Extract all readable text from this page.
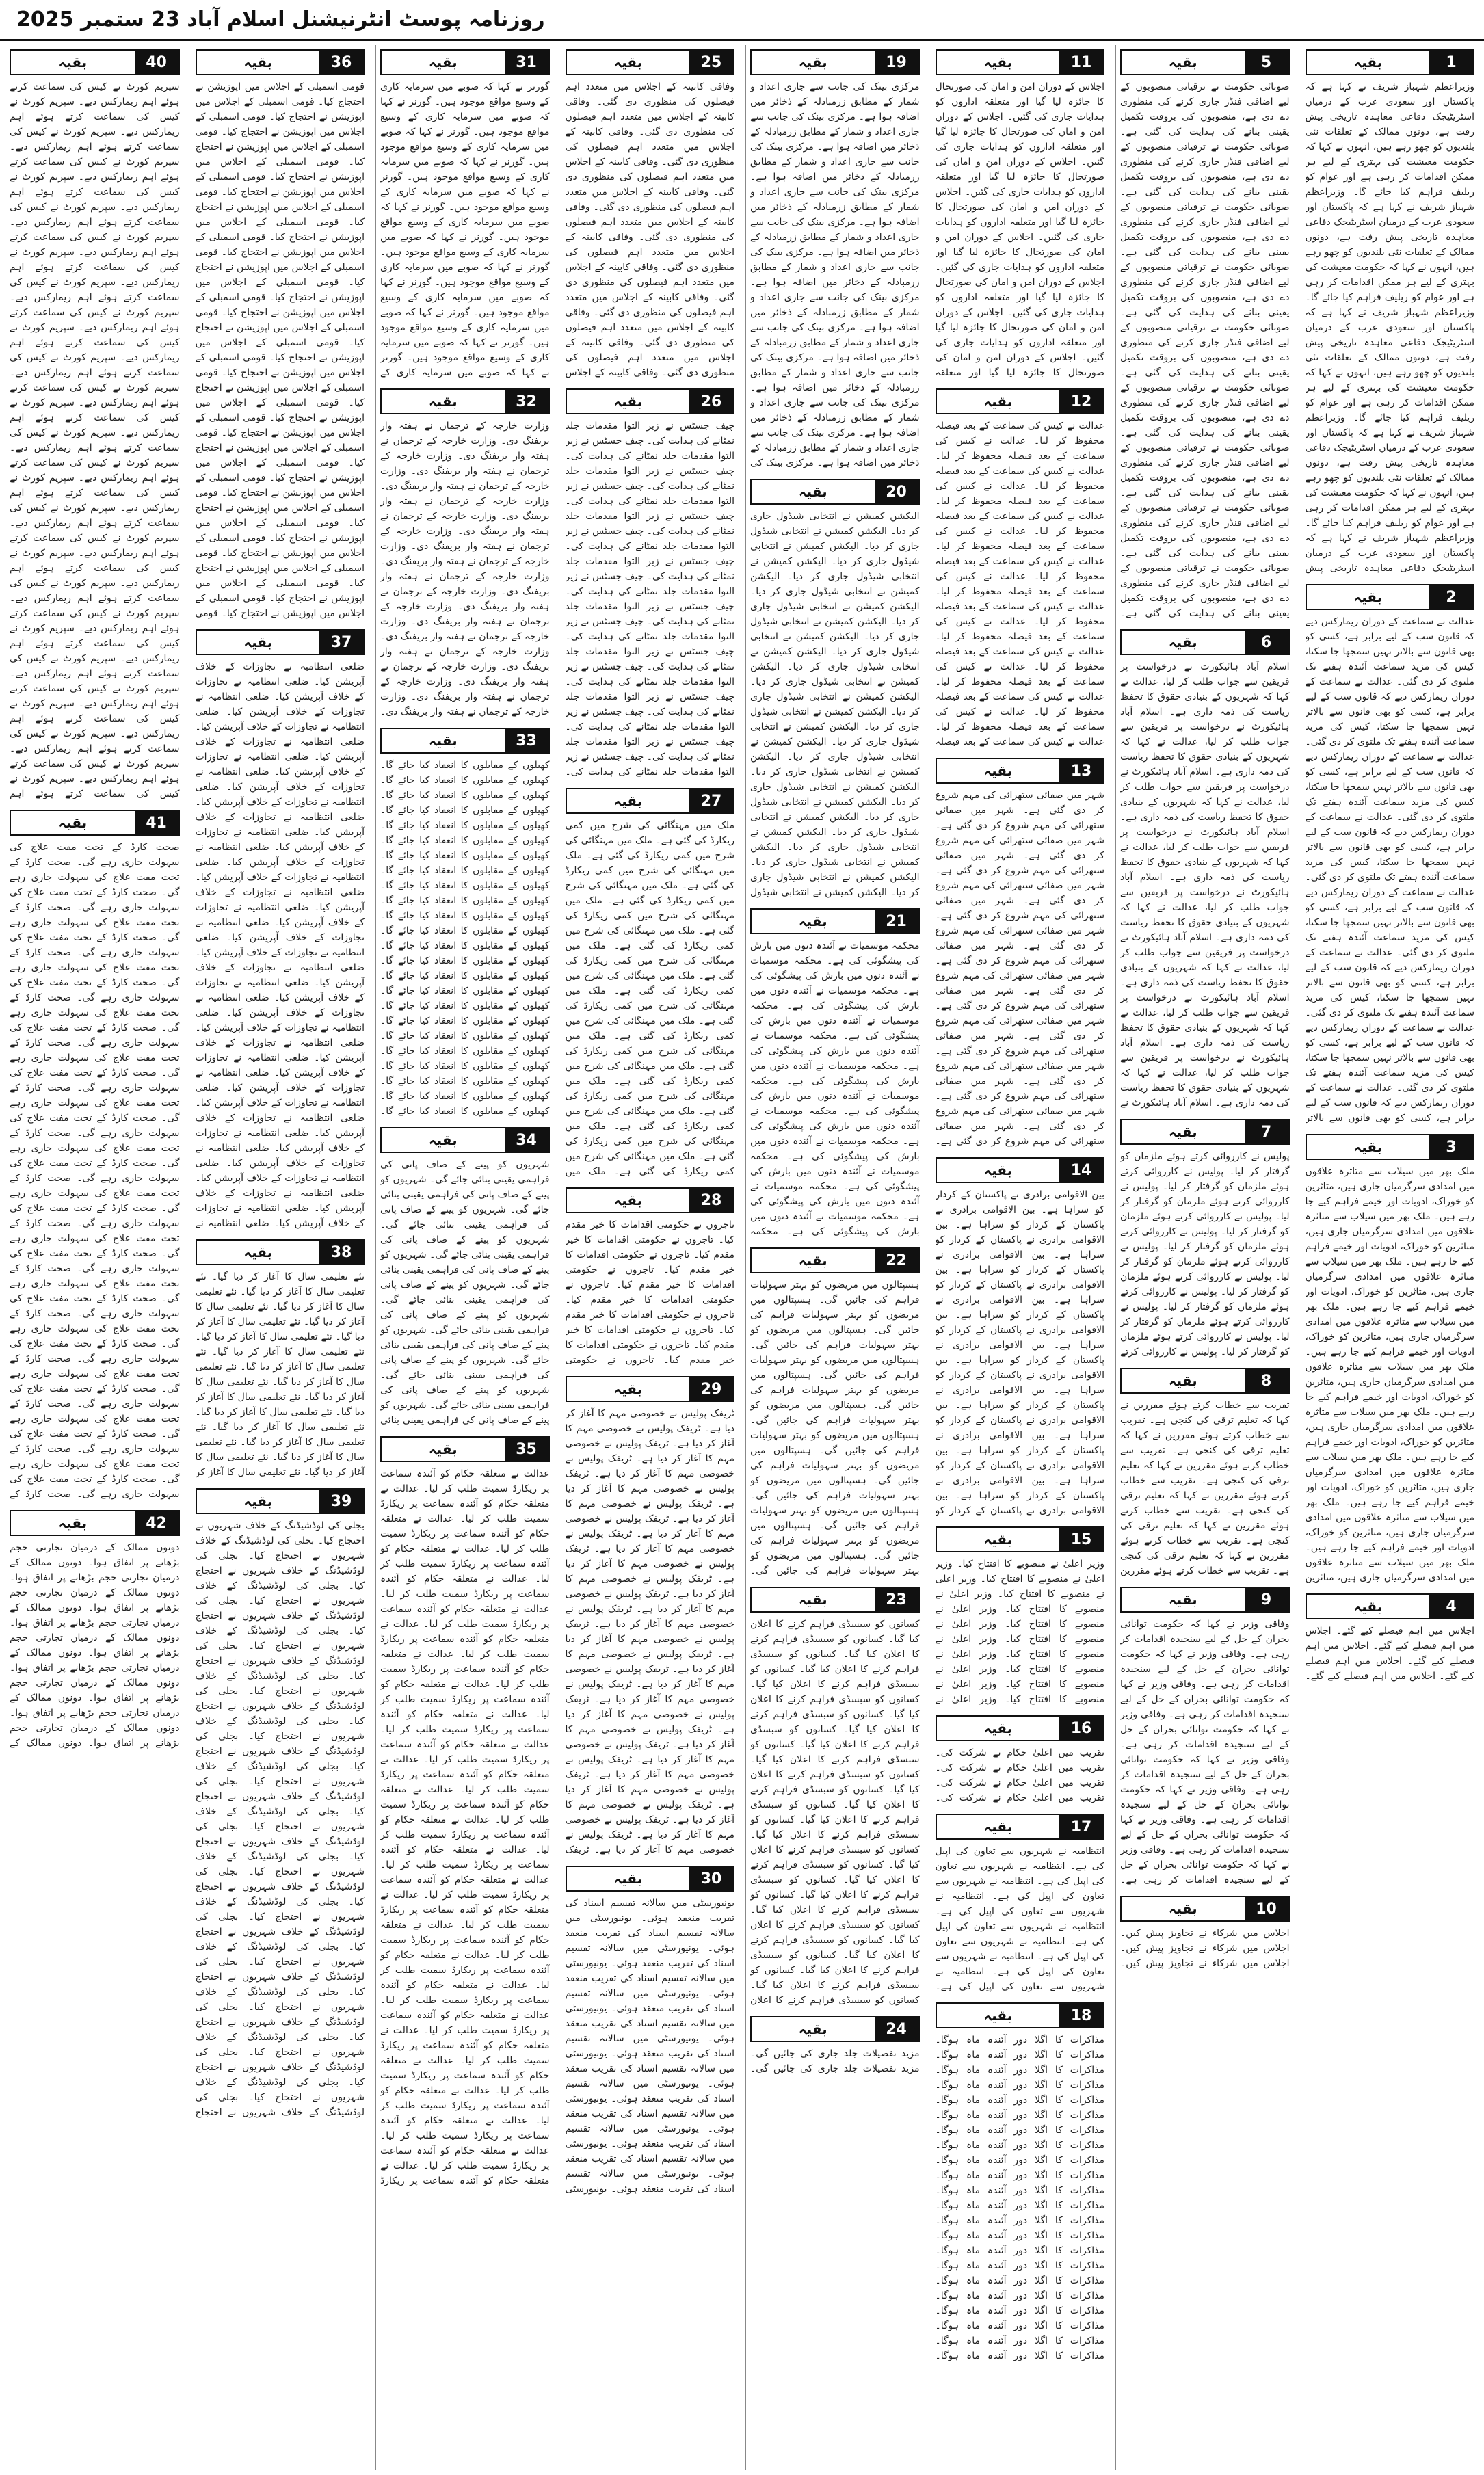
روزنامہ پوسٹ انٹرنیشنل اسلام آباد 23 ستمبر 2025
1
بقیہ
وزیراعظم شہباز شریف نے کہا ہے کہ پاکستان اور سعودی عرب کے درمیان اسٹریٹیجک دفاعی معاہدہ تاریخی پیش رفت ہے، دونوں ممالک کے تعلقات نئی بلندیوں کو چھو رہے ہیں، انہوں نے کہا کہ حکومت معیشت کی بہتری کے لیے ہر ممکن اقدامات کر رہی ہے اور عوام کو ریلیف فراہم کیا جائے گا۔ وزیراعظم شہباز شریف نے کہا ہے کہ پاکستان اور سعودی عرب کے درمیان اسٹریٹیجک دفاعی معاہدہ تاریخی پیش رفت ہے، دونوں ممالک کے تعلقات نئی بلندیوں کو چھو رہے ہیں، انہوں نے کہا کہ حکومت معیشت کی بہتری کے لیے ہر ممکن اقدامات کر رہی ہے اور عوام کو ریلیف فراہم کیا جائے گا۔ وزیراعظم شہباز شریف نے کہا ہے کہ پاکستان اور سعودی عرب کے درمیان اسٹریٹیجک دفاعی معاہدہ تاریخی پیش رفت ہے، دونوں ممالک کے تعلقات نئی بلندیوں کو چھو رہے ہیں، انہوں نے کہا کہ حکومت معیشت کی بہتری کے لیے ہر ممکن اقدامات کر رہی ہے اور عوام کو ریلیف فراہم کیا جائے گا۔ وزیراعظم شہباز شریف نے کہا ہے کہ پاکستان اور سعودی عرب کے درمیان اسٹریٹیجک دفاعی معاہدہ تاریخی پیش رفت ہے، دونوں ممالک کے تعلقات نئی بلندیوں کو چھو رہے ہیں، انہوں نے کہا کہ حکومت معیشت کی بہتری کے لیے ہر ممکن اقدامات کر رہی ہے اور عوام کو ریلیف فراہم کیا جائے گا۔ وزیراعظم شہباز شریف نے کہا ہے کہ پاکستان اور سعودی عرب کے درمیان اسٹریٹیجک دفاعی معاہدہ تاریخی پیش
2
بقیہ
عدالت نے سماعت کے دوران ریمارکس دیے کہ قانون سب کے لیے برابر ہے، کسی کو بھی قانون سے بالاتر نہیں سمجھا جا سکتا، کیس کی مزید سماعت آئندہ ہفتے تک ملتوی کر دی گئی۔ عدالت نے سماعت کے دوران ریمارکس دیے کہ قانون سب کے لیے برابر ہے، کسی کو بھی قانون سے بالاتر نہیں سمجھا جا سکتا، کیس کی مزید سماعت آئندہ ہفتے تک ملتوی کر دی گئی۔ عدالت نے سماعت کے دوران ریمارکس دیے کہ قانون سب کے لیے برابر ہے، کسی کو بھی قانون سے بالاتر نہیں سمجھا جا سکتا، کیس کی مزید سماعت آئندہ ہفتے تک ملتوی کر دی گئی۔ عدالت نے سماعت کے دوران ریمارکس دیے کہ قانون سب کے لیے برابر ہے، کسی کو بھی قانون سے بالاتر نہیں سمجھا جا سکتا، کیس کی مزید سماعت آئندہ ہفتے تک ملتوی کر دی گئی۔ عدالت نے سماعت کے دوران ریمارکس دیے کہ قانون سب کے لیے برابر ہے، کسی کو بھی قانون سے بالاتر نہیں سمجھا جا سکتا، کیس کی مزید سماعت آئندہ ہفتے تک ملتوی کر دی گئی۔ عدالت نے سماعت کے دوران ریمارکس دیے کہ قانون سب کے لیے برابر ہے، کسی کو بھی قانون سے بالاتر نہیں سمجھا جا سکتا، کیس کی مزید سماعت آئندہ ہفتے تک ملتوی کر دی گئی۔ عدالت نے سماعت کے دوران ریمارکس دیے کہ قانون سب کے لیے برابر ہے، کسی کو بھی قانون سے بالاتر نہیں سمجھا جا سکتا، کیس کی مزید سماعت آئندہ ہفتے تک ملتوی کر دی گئی۔ عدالت نے سماعت کے دوران ریمارکس دیے کہ قانون سب کے لیے برابر ہے، کسی کو بھی قانون سے بالاتر
3
بقیہ
ملک بھر میں سیلاب سے متاثرہ علاقوں میں امدادی سرگرمیاں جاری ہیں، متاثرین کو خوراک، ادویات اور خیمے فراہم کیے جا رہے ہیں۔ ملک بھر میں سیلاب سے متاثرہ علاقوں میں امدادی سرگرمیاں جاری ہیں، متاثرین کو خوراک، ادویات اور خیمے فراہم کیے جا رہے ہیں۔ ملک بھر میں سیلاب سے متاثرہ علاقوں میں امدادی سرگرمیاں جاری ہیں، متاثرین کو خوراک، ادویات اور خیمے فراہم کیے جا رہے ہیں۔ ملک بھر میں سیلاب سے متاثرہ علاقوں میں امدادی سرگرمیاں جاری ہیں، متاثرین کو خوراک، ادویات اور خیمے فراہم کیے جا رہے ہیں۔ ملک بھر میں سیلاب سے متاثرہ علاقوں میں امدادی سرگرمیاں جاری ہیں، متاثرین کو خوراک، ادویات اور خیمے فراہم کیے جا رہے ہیں۔ ملک بھر میں سیلاب سے متاثرہ علاقوں میں امدادی سرگرمیاں جاری ہیں، متاثرین کو خوراک، ادویات اور خیمے فراہم کیے جا رہے ہیں۔ ملک بھر میں سیلاب سے متاثرہ علاقوں میں امدادی سرگرمیاں جاری ہیں، متاثرین کو خوراک، ادویات اور خیمے فراہم کیے جا رہے ہیں۔ ملک بھر میں سیلاب سے متاثرہ علاقوں میں امدادی سرگرمیاں جاری ہیں، متاثرین کو خوراک، ادویات اور خیمے فراہم کیے جا رہے ہیں۔ ملک بھر میں سیلاب سے متاثرہ علاقوں میں امدادی سرگرمیاں جاری ہیں، متاثرین
4
بقیہ
اجلاس میں اہم فیصلے کیے گئے۔ اجلاس میں اہم فیصلے کیے گئے۔ اجلاس میں اہم فیصلے کیے گئے۔ اجلاس میں اہم فیصلے کیے گئے۔ اجلاس میں اہم فیصلے کیے گئے۔
5
بقیہ
صوبائی حکومت نے ترقیاتی منصوبوں کے لیے اضافی فنڈز جاری کرنے کی منظوری دے دی ہے، منصوبوں کی بروقت تکمیل یقینی بنانے کی ہدایت کی گئی ہے۔ صوبائی حکومت نے ترقیاتی منصوبوں کے لیے اضافی فنڈز جاری کرنے کی منظوری دے دی ہے، منصوبوں کی بروقت تکمیل یقینی بنانے کی ہدایت کی گئی ہے۔ صوبائی حکومت نے ترقیاتی منصوبوں کے لیے اضافی فنڈز جاری کرنے کی منظوری دے دی ہے، منصوبوں کی بروقت تکمیل یقینی بنانے کی ہدایت کی گئی ہے۔ صوبائی حکومت نے ترقیاتی منصوبوں کے لیے اضافی فنڈز جاری کرنے کی منظوری دے دی ہے، منصوبوں کی بروقت تکمیل یقینی بنانے کی ہدایت کی گئی ہے۔ صوبائی حکومت نے ترقیاتی منصوبوں کے لیے اضافی فنڈز جاری کرنے کی منظوری دے دی ہے، منصوبوں کی بروقت تکمیل یقینی بنانے کی ہدایت کی گئی ہے۔ صوبائی حکومت نے ترقیاتی منصوبوں کے لیے اضافی فنڈز جاری کرنے کی منظوری دے دی ہے، منصوبوں کی بروقت تکمیل یقینی بنانے کی ہدایت کی گئی ہے۔ صوبائی حکومت نے ترقیاتی منصوبوں کے لیے اضافی فنڈز جاری کرنے کی منظوری دے دی ہے، منصوبوں کی بروقت تکمیل یقینی بنانے کی ہدایت کی گئی ہے۔ صوبائی حکومت نے ترقیاتی منصوبوں کے لیے اضافی فنڈز جاری کرنے کی منظوری دے دی ہے، منصوبوں کی بروقت تکمیل یقینی بنانے کی ہدایت کی گئی ہے۔ صوبائی حکومت نے ترقیاتی منصوبوں کے لیے اضافی فنڈز جاری کرنے کی منظوری دے دی ہے، منصوبوں کی بروقت تکمیل یقینی بنانے کی ہدایت کی گئی ہے۔
6
بقیہ
اسلام آباد ہائیکورٹ نے درخواست پر فریقین سے جواب طلب کر لیا، عدالت نے کہا کہ شہریوں کے بنیادی حقوق کا تحفظ ریاست کی ذمہ داری ہے۔ اسلام آباد ہائیکورٹ نے درخواست پر فریقین سے جواب طلب کر لیا، عدالت نے کہا کہ شہریوں کے بنیادی حقوق کا تحفظ ریاست کی ذمہ داری ہے۔ اسلام آباد ہائیکورٹ نے درخواست پر فریقین سے جواب طلب کر لیا، عدالت نے کہا کہ شہریوں کے بنیادی حقوق کا تحفظ ریاست کی ذمہ داری ہے۔ اسلام آباد ہائیکورٹ نے درخواست پر فریقین سے جواب طلب کر لیا، عدالت نے کہا کہ شہریوں کے بنیادی حقوق کا تحفظ ریاست کی ذمہ داری ہے۔ اسلام آباد ہائیکورٹ نے درخواست پر فریقین سے جواب طلب کر لیا، عدالت نے کہا کہ شہریوں کے بنیادی حقوق کا تحفظ ریاست کی ذمہ داری ہے۔ اسلام آباد ہائیکورٹ نے درخواست پر فریقین سے جواب طلب کر لیا، عدالت نے کہا کہ شہریوں کے بنیادی حقوق کا تحفظ ریاست کی ذمہ داری ہے۔ اسلام آباد ہائیکورٹ نے درخواست پر فریقین سے جواب طلب کر لیا، عدالت نے کہا کہ شہریوں کے بنیادی حقوق کا تحفظ ریاست کی ذمہ داری ہے۔ اسلام آباد ہائیکورٹ نے درخواست پر فریقین سے جواب طلب کر لیا، عدالت نے کہا کہ شہریوں کے بنیادی حقوق کا تحفظ ریاست کی ذمہ داری ہے۔ اسلام آباد ہائیکورٹ نے
7
بقیہ
پولیس نے کارروائی کرتے ہوئے ملزمان کو گرفتار کر لیا۔ پولیس نے کارروائی کرتے ہوئے ملزمان کو گرفتار کر لیا۔ پولیس نے کارروائی کرتے ہوئے ملزمان کو گرفتار کر لیا۔ پولیس نے کارروائی کرتے ہوئے ملزمان کو گرفتار کر لیا۔ پولیس نے کارروائی کرتے ہوئے ملزمان کو گرفتار کر لیا۔ پولیس نے کارروائی کرتے ہوئے ملزمان کو گرفتار کر لیا۔ پولیس نے کارروائی کرتے ہوئے ملزمان کو گرفتار کر لیا۔ پولیس نے کارروائی کرتے ہوئے ملزمان کو گرفتار کر لیا۔ پولیس نے کارروائی کرتے ہوئے ملزمان کو گرفتار کر لیا۔ پولیس نے کارروائی کرتے ہوئے ملزمان کو گرفتار کر لیا۔ پولیس نے کارروائی کرتے
8
بقیہ
تقریب سے خطاب کرتے ہوئے مقررین نے کہا کہ تعلیم ترقی کی کنجی ہے۔ تقریب سے خطاب کرتے ہوئے مقررین نے کہا کہ تعلیم ترقی کی کنجی ہے۔ تقریب سے خطاب کرتے ہوئے مقررین نے کہا کہ تعلیم ترقی کی کنجی ہے۔ تقریب سے خطاب کرتے ہوئے مقررین نے کہا کہ تعلیم ترقی کی کنجی ہے۔ تقریب سے خطاب کرتے ہوئے مقررین نے کہا کہ تعلیم ترقی کی کنجی ہے۔ تقریب سے خطاب کرتے ہوئے مقررین نے کہا کہ تعلیم ترقی کی کنجی ہے۔ تقریب سے خطاب کرتے ہوئے مقررین
9
بقیہ
وفاقی وزیر نے کہا کہ حکومت توانائی بحران کے حل کے لیے سنجیدہ اقدامات کر رہی ہے۔ وفاقی وزیر نے کہا کہ حکومت توانائی بحران کے حل کے لیے سنجیدہ اقدامات کر رہی ہے۔ وفاقی وزیر نے کہا کہ حکومت توانائی بحران کے حل کے لیے سنجیدہ اقدامات کر رہی ہے۔ وفاقی وزیر نے کہا کہ حکومت توانائی بحران کے حل کے لیے سنجیدہ اقدامات کر رہی ہے۔ وفاقی وزیر نے کہا کہ حکومت توانائی بحران کے حل کے لیے سنجیدہ اقدامات کر رہی ہے۔ وفاقی وزیر نے کہا کہ حکومت توانائی بحران کے حل کے لیے سنجیدہ اقدامات کر رہی ہے۔ وفاقی وزیر نے کہا کہ حکومت توانائی بحران کے حل کے لیے سنجیدہ اقدامات کر رہی ہے۔ وفاقی وزیر نے کہا کہ حکومت توانائی بحران کے حل کے لیے سنجیدہ اقدامات کر رہی ہے۔
10
بقیہ
اجلاس میں شرکاء نے تجاویز پیش کیں۔ اجلاس میں شرکاء نے تجاویز پیش کیں۔ اجلاس میں شرکاء نے تجاویز پیش کیں۔
11
بقیہ
اجلاس کے دوران امن و امان کی صورتحال کا جائزہ لیا گیا اور متعلقہ اداروں کو ہدایات جاری کی گئیں۔ اجلاس کے دوران امن و امان کی صورتحال کا جائزہ لیا گیا اور متعلقہ اداروں کو ہدایات جاری کی گئیں۔ اجلاس کے دوران امن و امان کی صورتحال کا جائزہ لیا گیا اور متعلقہ اداروں کو ہدایات جاری کی گئیں۔ اجلاس کے دوران امن و امان کی صورتحال کا جائزہ لیا گیا اور متعلقہ اداروں کو ہدایات جاری کی گئیں۔ اجلاس کے دوران امن و امان کی صورتحال کا جائزہ لیا گیا اور متعلقہ اداروں کو ہدایات جاری کی گئیں۔ اجلاس کے دوران امن و امان کی صورتحال کا جائزہ لیا گیا اور متعلقہ اداروں کو ہدایات جاری کی گئیں۔ اجلاس کے دوران امن و امان کی صورتحال کا جائزہ لیا گیا اور متعلقہ اداروں کو ہدایات جاری کی گئیں۔ اجلاس کے دوران امن و امان کی صورتحال کا جائزہ لیا گیا اور متعلقہ
12
بقیہ
عدالت نے کیس کی سماعت کے بعد فیصلہ محفوظ کر لیا۔ عدالت نے کیس کی سماعت کے بعد فیصلہ محفوظ کر لیا۔ عدالت نے کیس کی سماعت کے بعد فیصلہ محفوظ کر لیا۔ عدالت نے کیس کی سماعت کے بعد فیصلہ محفوظ کر لیا۔ عدالت نے کیس کی سماعت کے بعد فیصلہ محفوظ کر لیا۔ عدالت نے کیس کی سماعت کے بعد فیصلہ محفوظ کر لیا۔ عدالت نے کیس کی سماعت کے بعد فیصلہ محفوظ کر لیا۔ عدالت نے کیس کی سماعت کے بعد فیصلہ محفوظ کر لیا۔ عدالت نے کیس کی سماعت کے بعد فیصلہ محفوظ کر لیا۔ عدالت نے کیس کی سماعت کے بعد فیصلہ محفوظ کر لیا۔ عدالت نے کیس کی سماعت کے بعد فیصلہ محفوظ کر لیا۔ عدالت نے کیس کی سماعت کے بعد فیصلہ محفوظ کر لیا۔ عدالت نے کیس کی سماعت کے بعد فیصلہ محفوظ کر لیا۔ عدالت نے کیس کی سماعت کے بعد فیصلہ محفوظ کر لیا۔ عدالت نے کیس کی سماعت کے بعد فیصلہ
13
بقیہ
شہر میں صفائی ستھرائی کی مہم شروع کر دی گئی ہے۔ شہر میں صفائی ستھرائی کی مہم شروع کر دی گئی ہے۔ شہر میں صفائی ستھرائی کی مہم شروع کر دی گئی ہے۔ شہر میں صفائی ستھرائی کی مہم شروع کر دی گئی ہے۔ شہر میں صفائی ستھرائی کی مہم شروع کر دی گئی ہے۔ شہر میں صفائی ستھرائی کی مہم شروع کر دی گئی ہے۔ شہر میں صفائی ستھرائی کی مہم شروع کر دی گئی ہے۔ شہر میں صفائی ستھرائی کی مہم شروع کر دی گئی ہے۔ شہر میں صفائی ستھرائی کی مہم شروع کر دی گئی ہے۔ شہر میں صفائی ستھرائی کی مہم شروع کر دی گئی ہے۔ شہر میں صفائی ستھرائی کی مہم شروع کر دی گئی ہے۔ شہر میں صفائی ستھرائی کی مہم شروع کر دی گئی ہے۔ شہر میں صفائی ستھرائی کی مہم شروع کر دی گئی ہے۔ شہر میں صفائی ستھرائی کی مہم شروع کر دی گئی ہے۔ شہر میں صفائی ستھرائی کی مہم شروع کر دی گئی ہے۔ شہر میں صفائی ستھرائی کی مہم شروع کر دی گئی ہے۔
14
بقیہ
بین الاقوامی برادری نے پاکستان کے کردار کو سراہا ہے۔ بین الاقوامی برادری نے پاکستان کے کردار کو سراہا ہے۔ بین الاقوامی برادری نے پاکستان کے کردار کو سراہا ہے۔ بین الاقوامی برادری نے پاکستان کے کردار کو سراہا ہے۔ بین الاقوامی برادری نے پاکستان کے کردار کو سراہا ہے۔ بین الاقوامی برادری نے پاکستان کے کردار کو سراہا ہے۔ بین الاقوامی برادری نے پاکستان کے کردار کو سراہا ہے۔ بین الاقوامی برادری نے پاکستان کے کردار کو سراہا ہے۔ بین الاقوامی برادری نے پاکستان کے کردار کو سراہا ہے۔ بین الاقوامی برادری نے پاکستان کے کردار کو سراہا ہے۔ بین الاقوامی برادری نے پاکستان کے کردار کو سراہا ہے۔ بین الاقوامی برادری نے پاکستان کے کردار کو سراہا ہے۔ بین الاقوامی برادری نے پاکستان کے کردار کو سراہا ہے۔ بین الاقوامی برادری نے پاکستان کے کردار کو سراہا ہے۔ بین الاقوامی برادری نے پاکستان کے کردار کو
15
بقیہ
وزیر اعلیٰ نے منصوبے کا افتتاح کیا۔ وزیر اعلیٰ نے منصوبے کا افتتاح کیا۔ وزیر اعلیٰ نے منصوبے کا افتتاح کیا۔ وزیر اعلیٰ نے منصوبے کا افتتاح کیا۔ وزیر اعلیٰ نے منصوبے کا افتتاح کیا۔ وزیر اعلیٰ نے منصوبے کا افتتاح کیا۔ وزیر اعلیٰ نے منصوبے کا افتتاح کیا۔ وزیر اعلیٰ نے منصوبے کا افتتاح کیا۔ وزیر اعلیٰ نے منصوبے کا افتتاح کیا۔ وزیر اعلیٰ نے منصوبے کا افتتاح کیا۔ وزیر اعلیٰ نے
16
بقیہ
تقریب میں اعلیٰ حکام نے شرکت کی۔ تقریب میں اعلیٰ حکام نے شرکت کی۔ تقریب میں اعلیٰ حکام نے شرکت کی۔ تقریب میں اعلیٰ حکام نے شرکت کی۔
17
بقیہ
انتظامیہ نے شہریوں سے تعاون کی اپیل کی ہے۔ انتظامیہ نے شہریوں سے تعاون کی اپیل کی ہے۔ انتظامیہ نے شہریوں سے تعاون کی اپیل کی ہے۔ انتظامیہ نے شہریوں سے تعاون کی اپیل کی ہے۔ انتظامیہ نے شہریوں سے تعاون کی اپیل کی ہے۔ انتظامیہ نے شہریوں سے تعاون کی اپیل کی ہے۔ انتظامیہ نے شہریوں سے تعاون کی اپیل کی ہے۔ انتظامیہ نے شہریوں سے تعاون کی اپیل کی ہے۔
18
بقیہ
مذاکرات کا اگلا دور آئندہ ماہ ہوگا۔ مذاکرات کا اگلا دور آئندہ ماہ ہوگا۔ مذاکرات کا اگلا دور آئندہ ماہ ہوگا۔ مذاکرات کا اگلا دور آئندہ ماہ ہوگا۔ مذاکرات کا اگلا دور آئندہ ماہ ہوگا۔ مذاکرات کا اگلا دور آئندہ ماہ ہوگا۔ مذاکرات کا اگلا دور آئندہ ماہ ہوگا۔ مذاکرات کا اگلا دور آئندہ ماہ ہوگا۔ مذاکرات کا اگلا دور آئندہ ماہ ہوگا۔ مذاکرات کا اگلا دور آئندہ ماہ ہوگا۔ مذاکرات کا اگلا دور آئندہ ماہ ہوگا۔ مذاکرات کا اگلا دور آئندہ ماہ ہوگا۔ مذاکرات کا اگلا دور آئندہ ماہ ہوگا۔ مذاکرات کا اگلا دور آئندہ ماہ ہوگا۔ مذاکرات کا اگلا دور آئندہ ماہ ہوگا۔ مذاکرات کا اگلا دور آئندہ ماہ ہوگا۔ مذاکرات کا اگلا دور آئندہ ماہ ہوگا۔ مذاکرات کا اگلا دور آئندہ ماہ ہوگا۔ مذاکرات کا اگلا دور آئندہ ماہ ہوگا۔ مذاکرات کا اگلا دور آئندہ ماہ ہوگا۔ مذاکرات کا اگلا دور آئندہ ماہ ہوگا۔ مذاکرات کا اگلا دور آئندہ ماہ ہوگا۔
19
بقیہ
مرکزی بینک کی جانب سے جاری اعداد و شمار کے مطابق زرمبادلہ کے ذخائر میں اضافہ ہوا ہے۔ مرکزی بینک کی جانب سے جاری اعداد و شمار کے مطابق زرمبادلہ کے ذخائر میں اضافہ ہوا ہے۔ مرکزی بینک کی جانب سے جاری اعداد و شمار کے مطابق زرمبادلہ کے ذخائر میں اضافہ ہوا ہے۔ مرکزی بینک کی جانب سے جاری اعداد و شمار کے مطابق زرمبادلہ کے ذخائر میں اضافہ ہوا ہے۔ مرکزی بینک کی جانب سے جاری اعداد و شمار کے مطابق زرمبادلہ کے ذخائر میں اضافہ ہوا ہے۔ مرکزی بینک کی جانب سے جاری اعداد و شمار کے مطابق زرمبادلہ کے ذخائر میں اضافہ ہوا ہے۔ مرکزی بینک کی جانب سے جاری اعداد و شمار کے مطابق زرمبادلہ کے ذخائر میں اضافہ ہوا ہے۔ مرکزی بینک کی جانب سے جاری اعداد و شمار کے مطابق زرمبادلہ کے ذخائر میں اضافہ ہوا ہے۔ مرکزی بینک کی جانب سے جاری اعداد و شمار کے مطابق زرمبادلہ کے ذخائر میں اضافہ ہوا ہے۔ مرکزی بینک کی جانب سے جاری اعداد و شمار کے مطابق زرمبادلہ کے ذخائر میں اضافہ ہوا ہے۔ مرکزی بینک کی جانب سے جاری اعداد و شمار کے مطابق زرمبادلہ کے ذخائر میں اضافہ ہوا ہے۔ مرکزی بینک کی
20
بقیہ
الیکشن کمیشن نے انتخابی شیڈول جاری کر دیا۔ الیکشن کمیشن نے انتخابی شیڈول جاری کر دیا۔ الیکشن کمیشن نے انتخابی شیڈول جاری کر دیا۔ الیکشن کمیشن نے انتخابی شیڈول جاری کر دیا۔ الیکشن کمیشن نے انتخابی شیڈول جاری کر دیا۔ الیکشن کمیشن نے انتخابی شیڈول جاری کر دیا۔ الیکشن کمیشن نے انتخابی شیڈول جاری کر دیا۔ الیکشن کمیشن نے انتخابی شیڈول جاری کر دیا۔ الیکشن کمیشن نے انتخابی شیڈول جاری کر دیا۔ الیکشن کمیشن نے انتخابی شیڈول جاری کر دیا۔ الیکشن کمیشن نے انتخابی شیڈول جاری کر دیا۔ الیکشن کمیشن نے انتخابی شیڈول جاری کر دیا۔ الیکشن کمیشن نے انتخابی شیڈول جاری کر دیا۔ الیکشن کمیشن نے انتخابی شیڈول جاری کر دیا۔ الیکشن کمیشن نے انتخابی شیڈول جاری کر دیا۔ الیکشن کمیشن نے انتخابی شیڈول جاری کر دیا۔ الیکشن کمیشن نے انتخابی شیڈول جاری کر دیا۔ الیکشن کمیشن نے انتخابی شیڈول جاری کر دیا۔ الیکشن کمیشن نے انتخابی شیڈول جاری کر دیا۔ الیکشن کمیشن نے انتخابی شیڈول جاری کر دیا۔ الیکشن کمیشن نے انتخابی شیڈول جاری کر دیا۔ الیکشن کمیشن نے انتخابی شیڈول
21
بقیہ
محکمہ موسمیات نے آئندہ دنوں میں بارش کی پیشگوئی کی ہے۔ محکمہ موسمیات نے آئندہ دنوں میں بارش کی پیشگوئی کی ہے۔ محکمہ موسمیات نے آئندہ دنوں میں بارش کی پیشگوئی کی ہے۔ محکمہ موسمیات نے آئندہ دنوں میں بارش کی پیشگوئی کی ہے۔ محکمہ موسمیات نے آئندہ دنوں میں بارش کی پیشگوئی کی ہے۔ محکمہ موسمیات نے آئندہ دنوں میں بارش کی پیشگوئی کی ہے۔ محکمہ موسمیات نے آئندہ دنوں میں بارش کی پیشگوئی کی ہے۔ محکمہ موسمیات نے آئندہ دنوں میں بارش کی پیشگوئی کی ہے۔ محکمہ موسمیات نے آئندہ دنوں میں بارش کی پیشگوئی کی ہے۔ محکمہ موسمیات نے آئندہ دنوں میں بارش کی پیشگوئی کی ہے۔ محکمہ موسمیات نے آئندہ دنوں میں بارش کی پیشگوئی کی ہے۔ محکمہ موسمیات نے آئندہ دنوں میں بارش کی پیشگوئی کی ہے۔ محکمہ
22
بقیہ
ہسپتالوں میں مریضوں کو بہتر سہولیات فراہم کی جائیں گی۔ ہسپتالوں میں مریضوں کو بہتر سہولیات فراہم کی جائیں گی۔ ہسپتالوں میں مریضوں کو بہتر سہولیات فراہم کی جائیں گی۔ ہسپتالوں میں مریضوں کو بہتر سہولیات فراہم کی جائیں گی۔ ہسپتالوں میں مریضوں کو بہتر سہولیات فراہم کی جائیں گی۔ ہسپتالوں میں مریضوں کو بہتر سہولیات فراہم کی جائیں گی۔ ہسپتالوں میں مریضوں کو بہتر سہولیات فراہم کی جائیں گی۔ ہسپتالوں میں مریضوں کو بہتر سہولیات فراہم کی جائیں گی۔ ہسپتالوں میں مریضوں کو بہتر سہولیات فراہم کی جائیں گی۔ ہسپتالوں میں مریضوں کو بہتر سہولیات فراہم کی جائیں گی۔ ہسپتالوں میں مریضوں کو بہتر سہولیات فراہم کی جائیں گی۔ ہسپتالوں میں مریضوں کو بہتر سہولیات فراہم کی جائیں گی۔
23
بقیہ
کسانوں کو سبسڈی فراہم کرنے کا اعلان کیا گیا۔ کسانوں کو سبسڈی فراہم کرنے کا اعلان کیا گیا۔ کسانوں کو سبسڈی فراہم کرنے کا اعلان کیا گیا۔ کسانوں کو سبسڈی فراہم کرنے کا اعلان کیا گیا۔ کسانوں کو سبسڈی فراہم کرنے کا اعلان کیا گیا۔ کسانوں کو سبسڈی فراہم کرنے کا اعلان کیا گیا۔ کسانوں کو سبسڈی فراہم کرنے کا اعلان کیا گیا۔ کسانوں کو سبسڈی فراہم کرنے کا اعلان کیا گیا۔ کسانوں کو سبسڈی فراہم کرنے کا اعلان کیا گیا۔ کسانوں کو سبسڈی فراہم کرنے کا اعلان کیا گیا۔ کسانوں کو سبسڈی فراہم کرنے کا اعلان کیا گیا۔ کسانوں کو سبسڈی فراہم کرنے کا اعلان کیا گیا۔ کسانوں کو سبسڈی فراہم کرنے کا اعلان کیا گیا۔ کسانوں کو سبسڈی فراہم کرنے کا اعلان کیا گیا۔ کسانوں کو سبسڈی فراہم کرنے کا اعلان کیا گیا۔ کسانوں کو سبسڈی فراہم کرنے کا اعلان کیا گیا۔ کسانوں کو سبسڈی فراہم کرنے کا اعلان کیا گیا۔ کسانوں کو سبسڈی فراہم کرنے کا اعلان کیا گیا۔ کسانوں کو سبسڈی فراہم کرنے کا اعلان کیا گیا۔ کسانوں کو سبسڈی فراہم کرنے کا اعلان کیا گیا۔ کسانوں کو سبسڈی فراہم کرنے کا اعلان
24
بقیہ
مزید تفصیلات جلد جاری کی جائیں گی۔ مزید تفصیلات جلد جاری کی جائیں گی۔
25
بقیہ
وفاقی کابینہ کے اجلاس میں متعدد اہم فیصلوں کی منظوری دی گئی۔ وفاقی کابینہ کے اجلاس میں متعدد اہم فیصلوں کی منظوری دی گئی۔ وفاقی کابینہ کے اجلاس میں متعدد اہم فیصلوں کی منظوری دی گئی۔ وفاقی کابینہ کے اجلاس میں متعدد اہم فیصلوں کی منظوری دی گئی۔ وفاقی کابینہ کے اجلاس میں متعدد اہم فیصلوں کی منظوری دی گئی۔ وفاقی کابینہ کے اجلاس میں متعدد اہم فیصلوں کی منظوری دی گئی۔ وفاقی کابینہ کے اجلاس میں متعدد اہم فیصلوں کی منظوری دی گئی۔ وفاقی کابینہ کے اجلاس میں متعدد اہم فیصلوں کی منظوری دی گئی۔ وفاقی کابینہ کے اجلاس میں متعدد اہم فیصلوں کی منظوری دی گئی۔ وفاقی کابینہ کے اجلاس میں متعدد اہم فیصلوں کی منظوری دی گئی۔ وفاقی کابینہ کے اجلاس میں متعدد اہم فیصلوں کی منظوری دی گئی۔ وفاقی کابینہ کے اجلاس
26
بقیہ
چیف جسٹس نے زیر التوا مقدمات جلد نمٹانے کی ہدایت کی۔ چیف جسٹس نے زیر التوا مقدمات جلد نمٹانے کی ہدایت کی۔ چیف جسٹس نے زیر التوا مقدمات جلد نمٹانے کی ہدایت کی۔ چیف جسٹس نے زیر التوا مقدمات جلد نمٹانے کی ہدایت کی۔ چیف جسٹس نے زیر التوا مقدمات جلد نمٹانے کی ہدایت کی۔ چیف جسٹس نے زیر التوا مقدمات جلد نمٹانے کی ہدایت کی۔ چیف جسٹس نے زیر التوا مقدمات جلد نمٹانے کی ہدایت کی۔ چیف جسٹس نے زیر التوا مقدمات جلد نمٹانے کی ہدایت کی۔ چیف جسٹس نے زیر التوا مقدمات جلد نمٹانے کی ہدایت کی۔ چیف جسٹس نے زیر التوا مقدمات جلد نمٹانے کی ہدایت کی۔ چیف جسٹس نے زیر التوا مقدمات جلد نمٹانے کی ہدایت کی۔ چیف جسٹس نے زیر التوا مقدمات جلد نمٹانے کی ہدایت کی۔ چیف جسٹس نے زیر التوا مقدمات جلد نمٹانے کی ہدایت کی۔ چیف جسٹس نے زیر التوا مقدمات جلد نمٹانے کی ہدایت کی۔ چیف جسٹس نے زیر التوا مقدمات جلد نمٹانے کی ہدایت کی۔ چیف جسٹس نے زیر التوا مقدمات جلد نمٹانے کی ہدایت کی۔
27
بقیہ
ملک میں مہنگائی کی شرح میں کمی ریکارڈ کی گئی ہے۔ ملک میں مہنگائی کی شرح میں کمی ریکارڈ کی گئی ہے۔ ملک میں مہنگائی کی شرح میں کمی ریکارڈ کی گئی ہے۔ ملک میں مہنگائی کی شرح میں کمی ریکارڈ کی گئی ہے۔ ملک میں مہنگائی کی شرح میں کمی ریکارڈ کی گئی ہے۔ ملک میں مہنگائی کی شرح میں کمی ریکارڈ کی گئی ہے۔ ملک میں مہنگائی کی شرح میں کمی ریکارڈ کی گئی ہے۔ ملک میں مہنگائی کی شرح میں کمی ریکارڈ کی گئی ہے۔ ملک میں مہنگائی کی شرح میں کمی ریکارڈ کی گئی ہے۔ ملک میں مہنگائی کی شرح میں کمی ریکارڈ کی گئی ہے۔ ملک میں مہنگائی کی شرح میں کمی ریکارڈ کی گئی ہے۔ ملک میں مہنگائی کی شرح میں کمی ریکارڈ کی گئی ہے۔ ملک میں مہنگائی کی شرح میں کمی ریکارڈ کی گئی ہے۔ ملک میں مہنگائی کی شرح میں کمی ریکارڈ کی گئی ہے۔ ملک میں مہنگائی کی شرح میں کمی ریکارڈ کی گئی ہے۔ ملک میں مہنگائی کی شرح میں کمی ریکارڈ کی گئی ہے۔ ملک میں
28
بقیہ
تاجروں نے حکومتی اقدامات کا خیر مقدم کیا۔ تاجروں نے حکومتی اقدامات کا خیر مقدم کیا۔ تاجروں نے حکومتی اقدامات کا خیر مقدم کیا۔ تاجروں نے حکومتی اقدامات کا خیر مقدم کیا۔ تاجروں نے حکومتی اقدامات کا خیر مقدم کیا۔ تاجروں نے حکومتی اقدامات کا خیر مقدم کیا۔ تاجروں نے حکومتی اقدامات کا خیر مقدم کیا۔ تاجروں نے حکومتی اقدامات کا خیر مقدم کیا۔ تاجروں نے حکومتی
29
بقیہ
ٹریفک پولیس نے خصوصی مہم کا آغاز کر دیا ہے۔ ٹریفک پولیس نے خصوصی مہم کا آغاز کر دیا ہے۔ ٹریفک پولیس نے خصوصی مہم کا آغاز کر دیا ہے۔ ٹریفک پولیس نے خصوصی مہم کا آغاز کر دیا ہے۔ ٹریفک پولیس نے خصوصی مہم کا آغاز کر دیا ہے۔ ٹریفک پولیس نے خصوصی مہم کا آغاز کر دیا ہے۔ ٹریفک پولیس نے خصوصی مہم کا آغاز کر دیا ہے۔ ٹریفک پولیس نے خصوصی مہم کا آغاز کر دیا ہے۔ ٹریفک پولیس نے خصوصی مہم کا آغاز کر دیا ہے۔ ٹریفک پولیس نے خصوصی مہم کا آغاز کر دیا ہے۔ ٹریفک پولیس نے خصوصی مہم کا آغاز کر دیا ہے۔ ٹریفک پولیس نے خصوصی مہم کا آغاز کر دیا ہے۔ ٹریفک پولیس نے خصوصی مہم کا آغاز کر دیا ہے۔ ٹریفک پولیس نے خصوصی مہم کا آغاز کر دیا ہے۔ ٹریفک پولیس نے خصوصی مہم کا آغاز کر دیا ہے۔ ٹریفک پولیس نے خصوصی مہم کا آغاز کر دیا ہے۔ ٹریفک پولیس نے خصوصی مہم کا آغاز کر دیا ہے۔ ٹریفک پولیس نے خصوصی مہم کا آغاز کر دیا ہے۔ ٹریفک پولیس نے خصوصی مہم کا آغاز کر دیا ہے۔ ٹریفک پولیس نے خصوصی مہم کا آغاز کر دیا ہے۔ ٹریفک پولیس نے خصوصی مہم کا آغاز کر دیا ہے۔ ٹریفک پولیس نے خصوصی مہم کا آغاز کر دیا ہے۔ ٹریفک پولیس نے خصوصی مہم کا آغاز کر دیا ہے۔ ٹریفک پولیس نے خصوصی مہم کا آغاز کر دیا ہے۔ ٹریفک
30
بقیہ
یونیورسٹی میں سالانہ تقسیم اسناد کی تقریب منعقد ہوئی۔ یونیورسٹی میں سالانہ تقسیم اسناد کی تقریب منعقد ہوئی۔ یونیورسٹی میں سالانہ تقسیم اسناد کی تقریب منعقد ہوئی۔ یونیورسٹی میں سالانہ تقسیم اسناد کی تقریب منعقد ہوئی۔ یونیورسٹی میں سالانہ تقسیم اسناد کی تقریب منعقد ہوئی۔ یونیورسٹی میں سالانہ تقسیم اسناد کی تقریب منعقد ہوئی۔ یونیورسٹی میں سالانہ تقسیم اسناد کی تقریب منعقد ہوئی۔ یونیورسٹی میں سالانہ تقسیم اسناد کی تقریب منعقد ہوئی۔ یونیورسٹی میں سالانہ تقسیم اسناد کی تقریب منعقد ہوئی۔ یونیورسٹی میں سالانہ تقسیم اسناد کی تقریب منعقد ہوئی۔ یونیورسٹی میں سالانہ تقسیم اسناد کی تقریب منعقد ہوئی۔ یونیورسٹی میں سالانہ تقسیم اسناد کی تقریب منعقد ہوئی۔ یونیورسٹی میں سالانہ تقسیم اسناد کی تقریب منعقد ہوئی۔ یونیورسٹی
31
بقیہ
گورنر نے کہا کہ صوبے میں سرمایہ کاری کے وسیع مواقع موجود ہیں۔ گورنر نے کہا کہ صوبے میں سرمایہ کاری کے وسیع مواقع موجود ہیں۔ گورنر نے کہا کہ صوبے میں سرمایہ کاری کے وسیع مواقع موجود ہیں۔ گورنر نے کہا کہ صوبے میں سرمایہ کاری کے وسیع مواقع موجود ہیں۔ گورنر نے کہا کہ صوبے میں سرمایہ کاری کے وسیع مواقع موجود ہیں۔ گورنر نے کہا کہ صوبے میں سرمایہ کاری کے وسیع مواقع موجود ہیں۔ گورنر نے کہا کہ صوبے میں سرمایہ کاری کے وسیع مواقع موجود ہیں۔ گورنر نے کہا کہ صوبے میں سرمایہ کاری کے وسیع مواقع موجود ہیں۔ گورنر نے کہا کہ صوبے میں سرمایہ کاری کے وسیع مواقع موجود ہیں۔ گورنر نے کہا کہ صوبے میں سرمایہ کاری کے وسیع مواقع موجود ہیں۔ گورنر نے کہا کہ صوبے میں سرمایہ کاری کے وسیع مواقع موجود ہیں۔ گورنر نے کہا کہ صوبے میں سرمایہ کاری کے
32
بقیہ
وزارت خارجہ کے ترجمان نے ہفتہ وار بریفنگ دی۔ وزارت خارجہ کے ترجمان نے ہفتہ وار بریفنگ دی۔ وزارت خارجہ کے ترجمان نے ہفتہ وار بریفنگ دی۔ وزارت خارجہ کے ترجمان نے ہفتہ وار بریفنگ دی۔ وزارت خارجہ کے ترجمان نے ہفتہ وار بریفنگ دی۔ وزارت خارجہ کے ترجمان نے ہفتہ وار بریفنگ دی۔ وزارت خارجہ کے ترجمان نے ہفتہ وار بریفنگ دی۔ وزارت خارجہ کے ترجمان نے ہفتہ وار بریفنگ دی۔ وزارت خارجہ کے ترجمان نے ہفتہ وار بریفنگ دی۔ وزارت خارجہ کے ترجمان نے ہفتہ وار بریفنگ دی۔ وزارت خارجہ کے ترجمان نے ہفتہ وار بریفنگ دی۔ وزارت خارجہ کے ترجمان نے ہفتہ وار بریفنگ دی۔ وزارت خارجہ کے ترجمان نے ہفتہ وار بریفنگ دی۔ وزارت خارجہ کے ترجمان نے ہفتہ وار بریفنگ دی۔ وزارت خارجہ کے ترجمان نے ہفتہ وار بریفنگ دی۔ وزارت خارجہ کے ترجمان نے ہفتہ وار بریفنگ دی۔
33
بقیہ
کھیلوں کے مقابلوں کا انعقاد کیا جائے گا۔ کھیلوں کے مقابلوں کا انعقاد کیا جائے گا۔ کھیلوں کے مقابلوں کا انعقاد کیا جائے گا۔ کھیلوں کے مقابلوں کا انعقاد کیا جائے گا۔ کھیلوں کے مقابلوں کا انعقاد کیا جائے گا۔ کھیلوں کے مقابلوں کا انعقاد کیا جائے گا۔ کھیلوں کے مقابلوں کا انعقاد کیا جائے گا۔ کھیلوں کے مقابلوں کا انعقاد کیا جائے گا۔ کھیلوں کے مقابلوں کا انعقاد کیا جائے گا۔ کھیلوں کے مقابلوں کا انعقاد کیا جائے گا۔ کھیلوں کے مقابلوں کا انعقاد کیا جائے گا۔ کھیلوں کے مقابلوں کا انعقاد کیا جائے گا۔ کھیلوں کے مقابلوں کا انعقاد کیا جائے گا۔ کھیلوں کے مقابلوں کا انعقاد کیا جائے گا۔ کھیلوں کے مقابلوں کا انعقاد کیا جائے گا۔ کھیلوں کے مقابلوں کا انعقاد کیا جائے گا۔ کھیلوں کے مقابلوں کا انعقاد کیا جائے گا۔ کھیلوں کے مقابلوں کا انعقاد کیا جائے گا۔ کھیلوں کے مقابلوں کا انعقاد کیا جائے گا۔ کھیلوں کے مقابلوں کا انعقاد کیا جائے گا۔ کھیلوں کے مقابلوں کا انعقاد کیا جائے گا۔ کھیلوں کے مقابلوں کا انعقاد کیا جائے گا۔ کھیلوں کے مقابلوں کا انعقاد کیا جائے گا۔ کھیلوں کے مقابلوں کا انعقاد کیا جائے گا۔
34
بقیہ
شہریوں کو پینے کے صاف پانی کی فراہمی یقینی بنائی جائے گی۔ شہریوں کو پینے کے صاف پانی کی فراہمی یقینی بنائی جائے گی۔ شہریوں کو پینے کے صاف پانی کی فراہمی یقینی بنائی جائے گی۔ شہریوں کو پینے کے صاف پانی کی فراہمی یقینی بنائی جائے گی۔ شہریوں کو پینے کے صاف پانی کی فراہمی یقینی بنائی جائے گی۔ شہریوں کو پینے کے صاف پانی کی فراہمی یقینی بنائی جائے گی۔ شہریوں کو پینے کے صاف پانی کی فراہمی یقینی بنائی جائے گی۔ شہریوں کو پینے کے صاف پانی کی فراہمی یقینی بنائی جائے گی۔ شہریوں کو پینے کے صاف پانی کی فراہمی یقینی بنائی جائے گی۔ شہریوں کو پینے کے صاف پانی کی فراہمی یقینی بنائی جائے گی۔ شہریوں کو پینے کے صاف پانی کی فراہمی یقینی بنائی
35
بقیہ
عدالت نے متعلقہ حکام کو آئندہ سماعت پر ریکارڈ سمیت طلب کر لیا۔ عدالت نے متعلقہ حکام کو آئندہ سماعت پر ریکارڈ سمیت طلب کر لیا۔ عدالت نے متعلقہ حکام کو آئندہ سماعت پر ریکارڈ سمیت طلب کر لیا۔ عدالت نے متعلقہ حکام کو آئندہ سماعت پر ریکارڈ سمیت طلب کر لیا۔ عدالت نے متعلقہ حکام کو آئندہ سماعت پر ریکارڈ سمیت طلب کر لیا۔ عدالت نے متعلقہ حکام کو آئندہ سماعت پر ریکارڈ سمیت طلب کر لیا۔ عدالت نے متعلقہ حکام کو آئندہ سماعت پر ریکارڈ سمیت طلب کر لیا۔ عدالت نے متعلقہ حکام کو آئندہ سماعت پر ریکارڈ سمیت طلب کر لیا۔ عدالت نے متعلقہ حکام کو آئندہ سماعت پر ریکارڈ سمیت طلب کر لیا۔ عدالت نے متعلقہ حکام کو آئندہ سماعت پر ریکارڈ سمیت طلب کر لیا۔ عدالت نے متعلقہ حکام کو آئندہ سماعت پر ریکارڈ سمیت طلب کر لیا۔ عدالت نے متعلقہ حکام کو آئندہ سماعت پر ریکارڈ سمیت طلب کر لیا۔ عدالت نے متعلقہ حکام کو آئندہ سماعت پر ریکارڈ سمیت طلب کر لیا۔ عدالت نے متعلقہ حکام کو آئندہ سماعت پر ریکارڈ سمیت طلب کر لیا۔ عدالت نے متعلقہ حکام کو آئندہ سماعت پر ریکارڈ سمیت طلب کر لیا۔ عدالت نے متعلقہ حکام کو آئندہ سماعت پر ریکارڈ سمیت طلب کر لیا۔ عدالت نے متعلقہ حکام کو آئندہ سماعت پر ریکارڈ سمیت طلب کر لیا۔ عدالت نے متعلقہ حکام کو آئندہ سماعت پر ریکارڈ سمیت طلب کر لیا۔ عدالت نے متعلقہ حکام کو آئندہ سماعت پر ریکارڈ سمیت طلب کر لیا۔ عدالت نے متعلقہ حکام کو آئندہ سماعت پر ریکارڈ سمیت طلب کر لیا۔ عدالت نے متعلقہ حکام کو آئندہ سماعت پر ریکارڈ سمیت طلب کر لیا۔ عدالت نے متعلقہ حکام کو آئندہ سماعت پر ریکارڈ سمیت طلب کر لیا۔ عدالت نے متعلقہ حکام کو آئندہ سماعت پر ریکارڈ سمیت طلب کر لیا۔ عدالت نے متعلقہ حکام کو آئندہ سماعت پر ریکارڈ سمیت طلب کر لیا۔ عدالت نے متعلقہ حکام کو آئندہ سماعت پر ریکارڈ سمیت طلب کر لیا۔ عدالت نے متعلقہ حکام کو آئندہ سماعت پر ریکارڈ سمیت طلب کر لیا۔ عدالت نے متعلقہ حکام کو آئندہ سماعت پر ریکارڈ
36
بقیہ
قومی اسمبلی کے اجلاس میں اپوزیشن نے احتجاج کیا۔ قومی اسمبلی کے اجلاس میں اپوزیشن نے احتجاج کیا۔ قومی اسمبلی کے اجلاس میں اپوزیشن نے احتجاج کیا۔ قومی اسمبلی کے اجلاس میں اپوزیشن نے احتجاج کیا۔ قومی اسمبلی کے اجلاس میں اپوزیشن نے احتجاج کیا۔ قومی اسمبلی کے اجلاس میں اپوزیشن نے احتجاج کیا۔ قومی اسمبلی کے اجلاس میں اپوزیشن نے احتجاج کیا۔ قومی اسمبلی کے اجلاس میں اپوزیشن نے احتجاج کیا۔ قومی اسمبلی کے اجلاس میں اپوزیشن نے احتجاج کیا۔ قومی اسمبلی کے اجلاس میں اپوزیشن نے احتجاج کیا۔ قومی اسمبلی کے اجلاس میں اپوزیشن نے احتجاج کیا۔ قومی اسمبلی کے اجلاس میں اپوزیشن نے احتجاج کیا۔ قومی اسمبلی کے اجلاس میں اپوزیشن نے احتجاج کیا۔ قومی اسمبلی کے اجلاس میں اپوزیشن نے احتجاج کیا۔ قومی اسمبلی کے اجلاس میں اپوزیشن نے احتجاج کیا۔ قومی اسمبلی کے اجلاس میں اپوزیشن نے احتجاج کیا۔ قومی اسمبلی کے اجلاس میں اپوزیشن نے احتجاج کیا۔ قومی اسمبلی کے اجلاس میں اپوزیشن نے احتجاج کیا۔ قومی اسمبلی کے اجلاس میں اپوزیشن نے احتجاج کیا۔ قومی اسمبلی کے اجلاس میں اپوزیشن نے احتجاج کیا۔ قومی اسمبلی کے اجلاس میں اپوزیشن نے احتجاج کیا۔ قومی اسمبلی کے اجلاس میں اپوزیشن نے احتجاج کیا۔ قومی اسمبلی کے اجلاس میں اپوزیشن نے احتجاج کیا۔ قومی اسمبلی کے اجلاس میں اپوزیشن نے احتجاج کیا۔ قومی اسمبلی کے اجلاس میں اپوزیشن نے احتجاج کیا۔ قومی اسمبلی کے اجلاس میں اپوزیشن نے احتجاج کیا۔ قومی اسمبلی کے اجلاس میں اپوزیشن نے احتجاج کیا۔ قومی
37
بقیہ
ضلعی انتظامیہ نے تجاوزات کے خلاف آپریشن کیا۔ ضلعی انتظامیہ نے تجاوزات کے خلاف آپریشن کیا۔ ضلعی انتظامیہ نے تجاوزات کے خلاف آپریشن کیا۔ ضلعی انتظامیہ نے تجاوزات کے خلاف آپریشن کیا۔ ضلعی انتظامیہ نے تجاوزات کے خلاف آپریشن کیا۔ ضلعی انتظامیہ نے تجاوزات کے خلاف آپریشن کیا۔ ضلعی انتظامیہ نے تجاوزات کے خلاف آپریشن کیا۔ ضلعی انتظامیہ نے تجاوزات کے خلاف آپریشن کیا۔ ضلعی انتظامیہ نے تجاوزات کے خلاف آپریشن کیا۔ ضلعی انتظامیہ نے تجاوزات کے خلاف آپریشن کیا۔ ضلعی انتظامیہ نے تجاوزات کے خلاف آپریشن کیا۔ ضلعی انتظامیہ نے تجاوزات کے خلاف آپریشن کیا۔ ضلعی انتظامیہ نے تجاوزات کے خلاف آپریشن کیا۔ ضلعی انتظامیہ نے تجاوزات کے خلاف آپریشن کیا۔ ضلعی انتظامیہ نے تجاوزات کے خلاف آپریشن کیا۔ ضلعی انتظامیہ نے تجاوزات کے خلاف آپریشن کیا۔ ضلعی انتظامیہ نے تجاوزات کے خلاف آپریشن کیا۔ ضلعی انتظامیہ نے تجاوزات کے خلاف آپریشن کیا۔ ضلعی انتظامیہ نے تجاوزات کے خلاف آپریشن کیا۔ ضلعی انتظامیہ نے تجاوزات کے خلاف آپریشن کیا۔ ضلعی انتظامیہ نے تجاوزات کے خلاف آپریشن کیا۔ ضلعی انتظامیہ نے تجاوزات کے خلاف آپریشن کیا۔ ضلعی انتظامیہ نے تجاوزات کے خلاف آپریشن کیا۔ ضلعی انتظامیہ نے تجاوزات کے خلاف آپریشن کیا۔ ضلعی انتظامیہ نے تجاوزات کے خلاف آپریشن کیا۔ ضلعی انتظامیہ نے تجاوزات کے خلاف آپریشن کیا۔ ضلعی انتظامیہ نے تجاوزات کے خلاف آپریشن کیا۔ ضلعی انتظامیہ نے تجاوزات کے خلاف آپریشن کیا۔ ضلعی انتظامیہ نے تجاوزات کے خلاف آپریشن کیا۔ ضلعی انتظامیہ نے تجاوزات کے خلاف آپریشن کیا۔ ضلعی انتظامیہ نے
38
بقیہ
نئے تعلیمی سال کا آغاز کر دیا گیا۔ نئے تعلیمی سال کا آغاز کر دیا گیا۔ نئے تعلیمی سال کا آغاز کر دیا گیا۔ نئے تعلیمی سال کا آغاز کر دیا گیا۔ نئے تعلیمی سال کا آغاز کر دیا گیا۔ نئے تعلیمی سال کا آغاز کر دیا گیا۔ نئے تعلیمی سال کا آغاز کر دیا گیا۔ نئے تعلیمی سال کا آغاز کر دیا گیا۔ نئے تعلیمی سال کا آغاز کر دیا گیا۔ نئے تعلیمی سال کا آغاز کر دیا گیا۔ نئے تعلیمی سال کا آغاز کر دیا گیا۔ نئے تعلیمی سال کا آغاز کر دیا گیا۔ نئے تعلیمی سال کا آغاز کر دیا گیا۔ نئے تعلیمی سال کا آغاز کر دیا گیا۔ نئے تعلیمی سال کا آغاز کر دیا گیا۔ نئے تعلیمی سال کا آغاز کر دیا گیا۔ نئے تعلیمی سال کا آغاز کر
39
بقیہ
بجلی کی لوڈشیڈنگ کے خلاف شہریوں نے احتجاج کیا۔ بجلی کی لوڈشیڈنگ کے خلاف شہریوں نے احتجاج کیا۔ بجلی کی لوڈشیڈنگ کے خلاف شہریوں نے احتجاج کیا۔ بجلی کی لوڈشیڈنگ کے خلاف شہریوں نے احتجاج کیا۔ بجلی کی لوڈشیڈنگ کے خلاف شہریوں نے احتجاج کیا۔ بجلی کی لوڈشیڈنگ کے خلاف شہریوں نے احتجاج کیا۔ بجلی کی لوڈشیڈنگ کے خلاف شہریوں نے احتجاج کیا۔ بجلی کی لوڈشیڈنگ کے خلاف شہریوں نے احتجاج کیا۔ بجلی کی لوڈشیڈنگ کے خلاف شہریوں نے احتجاج کیا۔ بجلی کی لوڈشیڈنگ کے خلاف شہریوں نے احتجاج کیا۔ بجلی کی لوڈشیڈنگ کے خلاف شہریوں نے احتجاج کیا۔ بجلی کی لوڈشیڈنگ کے خلاف شہریوں نے احتجاج کیا۔ بجلی کی لوڈشیڈنگ کے خلاف شہریوں نے احتجاج کیا۔ بجلی کی لوڈشیڈنگ کے خلاف شہریوں نے احتجاج کیا۔ بجلی کی لوڈشیڈنگ کے خلاف شہریوں نے احتجاج کیا۔ بجلی کی لوڈشیڈنگ کے خلاف شہریوں نے احتجاج کیا۔ بجلی کی لوڈشیڈنگ کے خلاف شہریوں نے احتجاج کیا۔ بجلی کی لوڈشیڈنگ کے خلاف شہریوں نے احتجاج کیا۔ بجلی کی لوڈشیڈنگ کے خلاف شہریوں نے احتجاج کیا۔ بجلی کی لوڈشیڈنگ کے خلاف شہریوں نے احتجاج کیا۔ بجلی کی لوڈشیڈنگ کے خلاف شہریوں نے احتجاج کیا۔ بجلی کی لوڈشیڈنگ کے خلاف شہریوں نے احتجاج کیا۔ بجلی کی لوڈشیڈنگ کے خلاف شہریوں نے احتجاج کیا۔ بجلی کی لوڈشیڈنگ کے خلاف شہریوں نے احتجاج کیا۔ بجلی کی لوڈشیڈنگ کے خلاف شہریوں نے احتجاج کیا۔ بجلی کی لوڈشیڈنگ کے خلاف شہریوں نے احتجاج کیا۔ بجلی کی لوڈشیڈنگ کے خلاف شہریوں نے احتجاج
40
بقیہ
سپریم کورٹ نے کیس کی سماعت کرتے ہوئے اہم ریمارکس دیے۔ سپریم کورٹ نے کیس کی سماعت کرتے ہوئے اہم ریمارکس دیے۔ سپریم کورٹ نے کیس کی سماعت کرتے ہوئے اہم ریمارکس دیے۔ سپریم کورٹ نے کیس کی سماعت کرتے ہوئے اہم ریمارکس دیے۔ سپریم کورٹ نے کیس کی سماعت کرتے ہوئے اہم ریمارکس دیے۔ سپریم کورٹ نے کیس کی سماعت کرتے ہوئے اہم ریمارکس دیے۔ سپریم کورٹ نے کیس کی سماعت کرتے ہوئے اہم ریمارکس دیے۔ سپریم کورٹ نے کیس کی سماعت کرتے ہوئے اہم ریمارکس دیے۔ سپریم کورٹ نے کیس کی سماعت کرتے ہوئے اہم ریمارکس دیے۔ سپریم کورٹ نے کیس کی سماعت کرتے ہوئے اہم ریمارکس دیے۔ سپریم کورٹ نے کیس کی سماعت کرتے ہوئے اہم ریمارکس دیے۔ سپریم کورٹ نے کیس کی سماعت کرتے ہوئے اہم ریمارکس دیے۔ سپریم کورٹ نے کیس کی سماعت کرتے ہوئے اہم ریمارکس دیے۔ سپریم کورٹ نے کیس کی سماعت کرتے ہوئے اہم ریمارکس دیے۔ سپریم کورٹ نے کیس کی سماعت کرتے ہوئے اہم ریمارکس دیے۔ سپریم کورٹ نے کیس کی سماعت کرتے ہوئے اہم ریمارکس دیے۔ سپریم کورٹ نے کیس کی سماعت کرتے ہوئے اہم ریمارکس دیے۔ سپریم کورٹ نے کیس کی سماعت کرتے ہوئے اہم ریمارکس دیے۔ سپریم کورٹ نے کیس کی سماعت کرتے ہوئے اہم ریمارکس دیے۔ سپریم کورٹ نے کیس کی سماعت کرتے ہوئے اہم ریمارکس دیے۔ سپریم کورٹ نے کیس کی سماعت کرتے ہوئے اہم ریمارکس دیے۔ سپریم کورٹ نے کیس کی سماعت کرتے ہوئے اہم ریمارکس دیے۔ سپریم کورٹ نے کیس کی سماعت کرتے ہوئے اہم ریمارکس دیے۔ سپریم کورٹ نے کیس کی سماعت کرتے ہوئے اہم ریمارکس دیے۔ سپریم کورٹ نے کیس کی سماعت کرتے ہوئے اہم ریمارکس دیے۔ سپریم کورٹ نے کیس کی سماعت کرتے ہوئے اہم ریمارکس دیے۔ سپریم کورٹ نے کیس کی سماعت کرتے ہوئے اہم ریمارکس دیے۔ سپریم کورٹ نے کیس کی سماعت کرتے ہوئے اہم ریمارکس دیے۔ سپریم کورٹ نے کیس کی سماعت کرتے ہوئے اہم
41
بقیہ
صحت کارڈ کے تحت مفت علاج کی سہولت جاری رہے گی۔ صحت کارڈ کے تحت مفت علاج کی سہولت جاری رہے گی۔ صحت کارڈ کے تحت مفت علاج کی سہولت جاری رہے گی۔ صحت کارڈ کے تحت مفت علاج کی سہولت جاری رہے گی۔ صحت کارڈ کے تحت مفت علاج کی سہولت جاری رہے گی۔ صحت کارڈ کے تحت مفت علاج کی سہولت جاری رہے گی۔ صحت کارڈ کے تحت مفت علاج کی سہولت جاری رہے گی۔ صحت کارڈ کے تحت مفت علاج کی سہولت جاری رہے گی۔ صحت کارڈ کے تحت مفت علاج کی سہولت جاری رہے گی۔ صحت کارڈ کے تحت مفت علاج کی سہولت جاری رہے گی۔ صحت کارڈ کے تحت مفت علاج کی سہولت جاری رہے گی۔ صحت کارڈ کے تحت مفت علاج کی سہولت جاری رہے گی۔ صحت کارڈ کے تحت مفت علاج کی سہولت جاری رہے گی۔ صحت کارڈ کے تحت مفت علاج کی سہولت جاری رہے گی۔ صحت کارڈ کے تحت مفت علاج کی سہولت جاری رہے گی۔ صحت کارڈ کے تحت مفت علاج کی سہولت جاری رہے گی۔ صحت کارڈ کے تحت مفت علاج کی سہولت جاری رہے گی۔ صحت کارڈ کے تحت مفت علاج کی سہولت جاری رہے گی۔ صحت کارڈ کے تحت مفت علاج کی سہولت جاری رہے گی۔ صحت کارڈ کے تحت مفت علاج کی سہولت جاری رہے گی۔ صحت کارڈ کے تحت مفت علاج کی سہولت جاری رہے گی۔ صحت کارڈ کے تحت مفت علاج کی سہولت جاری رہے گی۔ صحت کارڈ کے تحت مفت علاج کی سہولت جاری رہے گی۔ صحت کارڈ کے تحت مفت علاج کی سہولت جاری رہے گی۔ صحت کارڈ کے تحت مفت علاج کی سہولت جاری رہے گی۔ صحت کارڈ کے تحت مفت علاج کی سہولت جاری رہے گی۔ صحت کارڈ کے تحت مفت علاج کی سہولت جاری رہے گی۔ صحت کارڈ کے تحت مفت علاج کی سہولت جاری رہے گی۔ صحت کارڈ کے تحت مفت علاج کی سہولت جاری رہے گی۔ صحت کارڈ کے
42
بقیہ
دونوں ممالک کے درمیان تجارتی حجم بڑھانے پر اتفاق ہوا۔ دونوں ممالک کے درمیان تجارتی حجم بڑھانے پر اتفاق ہوا۔ دونوں ممالک کے درمیان تجارتی حجم بڑھانے پر اتفاق ہوا۔ دونوں ممالک کے درمیان تجارتی حجم بڑھانے پر اتفاق ہوا۔ دونوں ممالک کے درمیان تجارتی حجم بڑھانے پر اتفاق ہوا۔ دونوں ممالک کے درمیان تجارتی حجم بڑھانے پر اتفاق ہوا۔ دونوں ممالک کے درمیان تجارتی حجم بڑھانے پر اتفاق ہوا۔ دونوں ممالک کے درمیان تجارتی حجم بڑھانے پر اتفاق ہوا۔ دونوں ممالک کے درمیان تجارتی حجم بڑھانے پر اتفاق ہوا۔ دونوں ممالک کے
